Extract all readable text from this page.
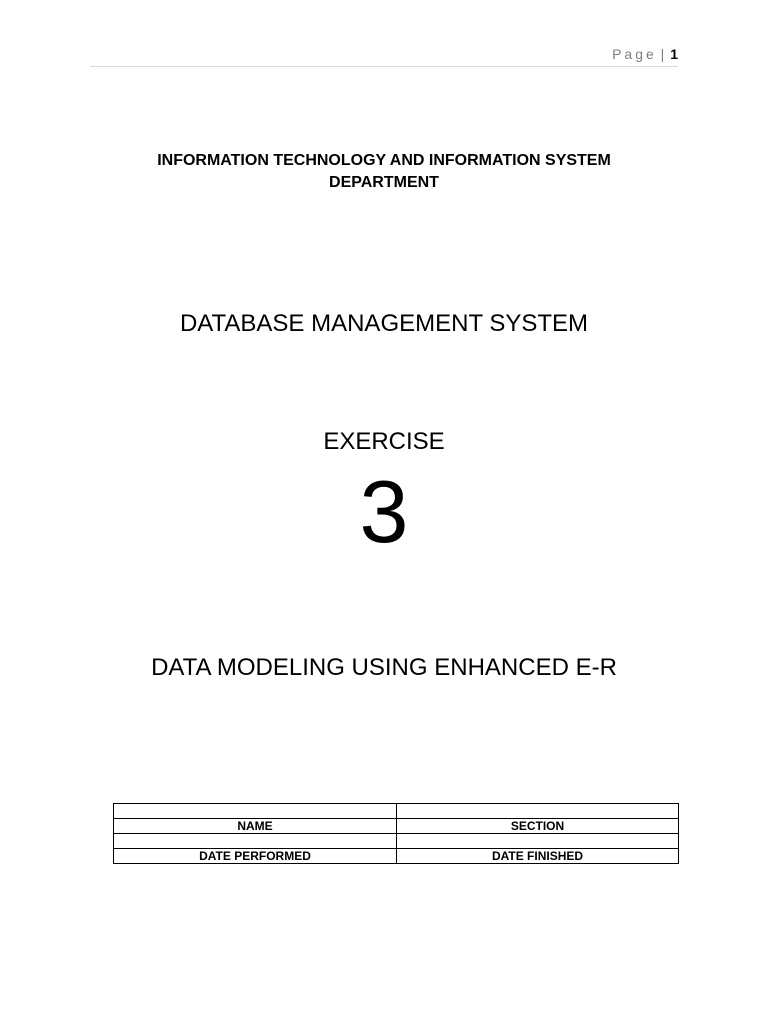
Page | 1
INFORMATION TECHNOLOGY AND INFORMATION SYSTEM
DEPARTMENT
DATABASE MANAGEMENT SYSTEM
EXERCISE
3
DATA MODELING USING ENHANCED E-R

NAME	SECTION

DATE PERFORMED	DATE FINISHED
